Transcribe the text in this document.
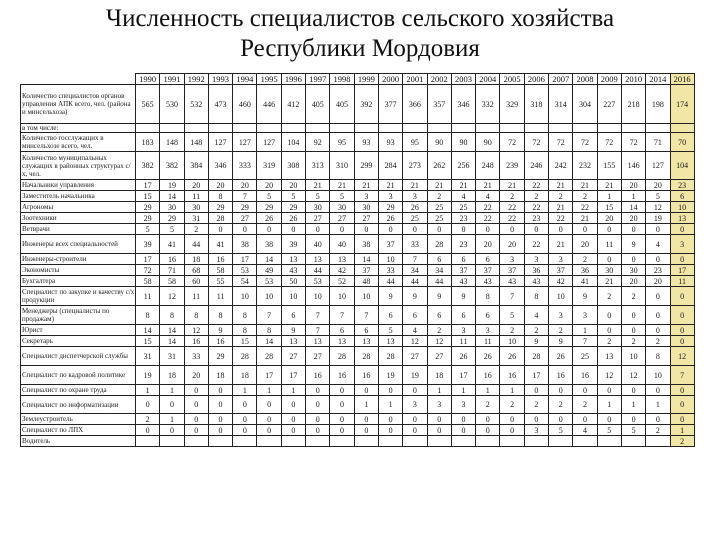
Численность специалистов сельского хозяйства
Республики Мордовия
	1990	1991	1992	1993	1994	1995	1996	1997	1998	1999	2000	2001	2002	2003	2004	2005	2006	2007	2008	2009	2010	2014	2016
Количество специалистов органов управления АПК всего, чел. (района и минсельхоза)	565	530	532	473	460	446	412	405	405	392	377	366	357	346	332	329	318	314	304	227	218	198	174
в том числе:																							
Количество госслужащих в минсельхозе всего, чел.	183	148	148	127	127	127	104	92	95	93	93	95	90	90	90	72	72	72	72	72	72	71	70
Количество муниципальных служащих в районных структурах с/х, чел.	382	382	384	346	333	319	308	313	310	299	284	273	262	256	248	239	246	242	232	155	146	127	104
Начальники управления	17	19	20	20	20	20	20	21	21	21	21	21	21	21	21	21	22	21	21	21	20	20	23
Заместитель начальника	15	14	11	8	7	5	5	5	5	3	3	3	2	4	4	2	2	2	2	1	1	5	6
Агрономы	29	30	30	29	29	29	29	30	30	30	29	26	25	25	22	22	22	21	22	15	14	12	10
Зоотехники	29	29	31	28	27	26	26	27	27	27	26	25	25	23	22	22	23	22	21	20	20	19	13
Ветврачи	5	5	2	0	0	0	0	0	0	0	0	0	0	0	0	0	0	0	0	0	0	0	0
Инженеры всех специальностей	39	41	44	41	38	38	39	40	40	38	37	33	28	23	20	20	22	21	20	11	9	4	3
Инженеры-строители	17	16	18	16	17	14	13	13	13	14	10	7	6	6	6	3	3	3	2	0	0	0	0
Экономисты	72	71	68	58	53	49	43	44	42	37	33	34	34	37	37	37	36	37	36	30	30	23	17
Бухгалтера	58	58	60	55	54	53	50	53	52	48	44	44	44	43	43	43	43	42	41	21	20	20	11
Специалист по закупке и качеству с/х продукции	11	12	11	11	10	10	10	10	10	10	9	9	9	9	8	7	8	10	9	2	2	0	0
Менеджеры (специалисты по продажам)	8	8	8	8	8	7	6	7	7	7	6	6	6	6	6	5	4	3	3	0	0	0	0
Юрист	14	14	12	9	8	8	9	7	6	6	5	4	2	3	3	2	2	2	1	0	0	0	0
Секретарь	15	14	16	16	15	14	13	13	13	13	13	12	12	11	11	10	9	9	7	2	2	2	0
Специалист диспетчерской службы	31	31	33	29	28	28	27	27	28	28	28	27	27	26	26	26	28	26	25	13	10	8	12
Специалист по кадровой политике	19	18	20	18	18	17	17	16	16	16	19	19	18	17	16	16	17	16	16	12	12	10	7
Специалист по охране труда	1	1	0	0	1	1	1	0	0	0	0	0	1	1	1	1	0	0	0	0	0	0	0
Специалист по информатизации	0	0	0	0	0	0	0	0	0	1	1	3	3	3	2	2	2	2	2	1	1	1	0
Землеустроитель	2	1	0	0	0	0	0	0	0	0	0	0	0	0	0	0	0	0	0	0	0	0	0
Специалист по ЛПХ	0	0	0	0	0	0	0	0	0	0	0	0	0	0	0	0	3	5	4	5	5	2	1
Водитель																							2
